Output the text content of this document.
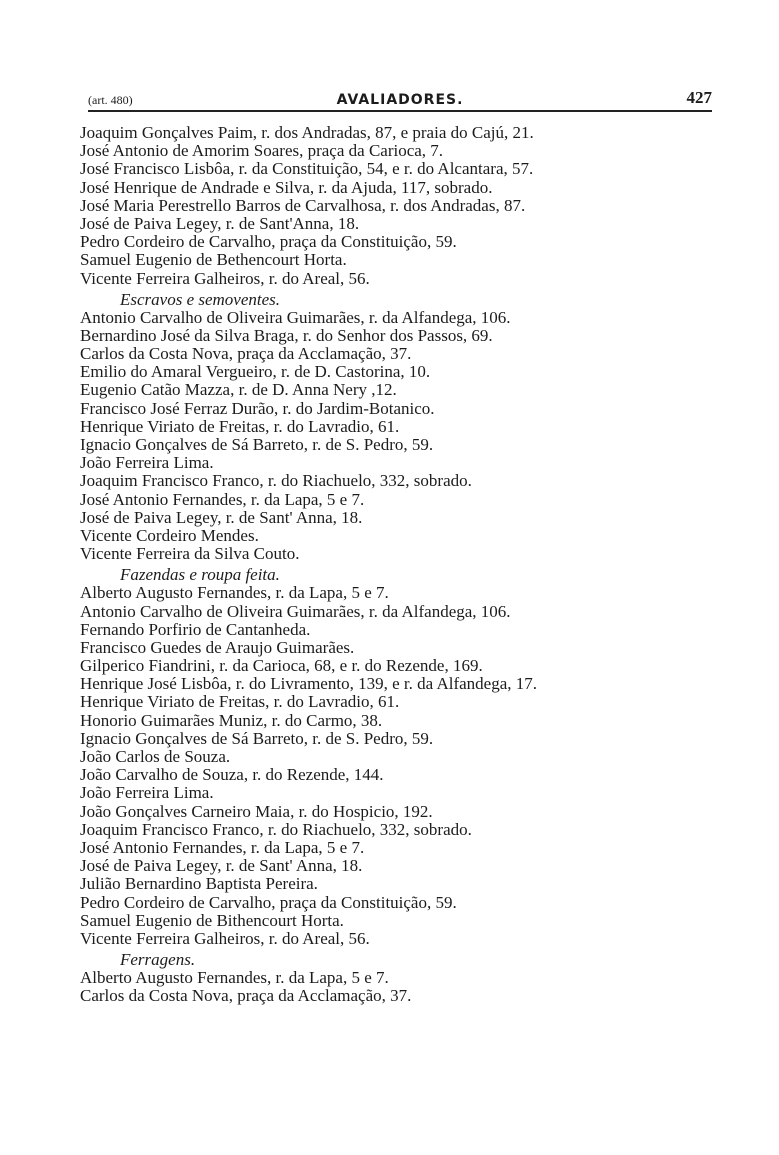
(art. 480)	AVALIADORES.	427
Joaquim Gonçalves Paim, r. dos Andradas, 87, e praia do Cajú, 21.
José Antonio de Amorim Soares, praça da Carioca, 7.
José Francisco Lisbôa, r. da Constituição, 54, e r. do Alcantara, 57.
José Henrique de Andrade e Silva, r. da Ajuda, 117, sobrado.
José Maria Perestrello Barros de Carvalhosa, r. dos Andradas, 87.
José de Paiva Legey, r. de Sant'Anna, 18.
Pedro Cordeiro de Carvalho, praça da Constituição, 59.
Samuel Eugenio de Bethencourt Horta.
Vicente Ferreira Galheiros, r. do Areal, 56.
Escravos e semoventes.
Antonio Carvalho de Oliveira Guimarães, r. da Alfandega, 106.
Bernardino José da Silva Braga, r. do Senhor dos Passos, 69.
Carlos da Costa Nova, praça da Acclamação, 37.
Emilio do Amaral Vergueiro, r. de D. Castorina, 10.
Eugenio Catão Mazza, r. de D. Anna Nery ,12.
Francisco José Ferraz Durão, r. do Jardim-Botanico.
Henrique Viriato de Freitas, r. do Lavradio, 61.
Ignacio Gonçalves de Sá Barreto, r. de S. Pedro, 59.
João Ferreira Lima.
Joaquim Francisco Franco, r. do Riachuelo, 332, sobrado.
José Antonio Fernandes, r. da Lapa, 5 e 7.
José de Paiva Legey, r. de Sant' Anna, 18.
Vicente Cordeiro Mendes.
Vicente Ferreira da Silva Couto.
Fazendas e roupa feita.
Alberto Augusto Fernandes, r. da Lapa, 5 e 7.
Antonio Carvalho de Oliveira Guimarães, r. da Alfandega, 106.
Fernando Porfirio de Cantanheda.
Francisco Guedes de Araujo Guimarães.
Gilperico Fiandrini, r. da Carioca, 68, e r. do Rezende, 169.
Henrique José Lisbôa, r. do Livramento, 139, e r. da Alfandega, 17.
Henrique Viriato de Freitas, r. do Lavradio, 61.
Honorio Guimarães Muniz, r. do Carmo, 38.
Ignacio Gonçalves de Sá Barreto, r. de S. Pedro, 59.
João Carlos de Souza.
João Carvalho de Souza, r. do Rezende, 144.
João Ferreira Lima.
João Gonçalves Carneiro Maia, r. do Hospicio, 192.
Joaquim Francisco Franco, r. do Riachuelo, 332, sobrado.
José Antonio Fernandes, r. da Lapa, 5 e 7.
José de Paiva Legey, r. de Sant' Anna, 18.
Julião Bernardino Baptista Pereira.
Pedro Cordeiro de Carvalho, praça da Constituição, 59.
Samuel Eugenio de Bithencourt Horta.
Vicente Ferreira Galheiros, r. do Areal, 56.
Ferragens.
Alberto Augusto Fernandes, r. da Lapa, 5 e 7.
Carlos da Costa Nova, praça da Acclamação, 37.
